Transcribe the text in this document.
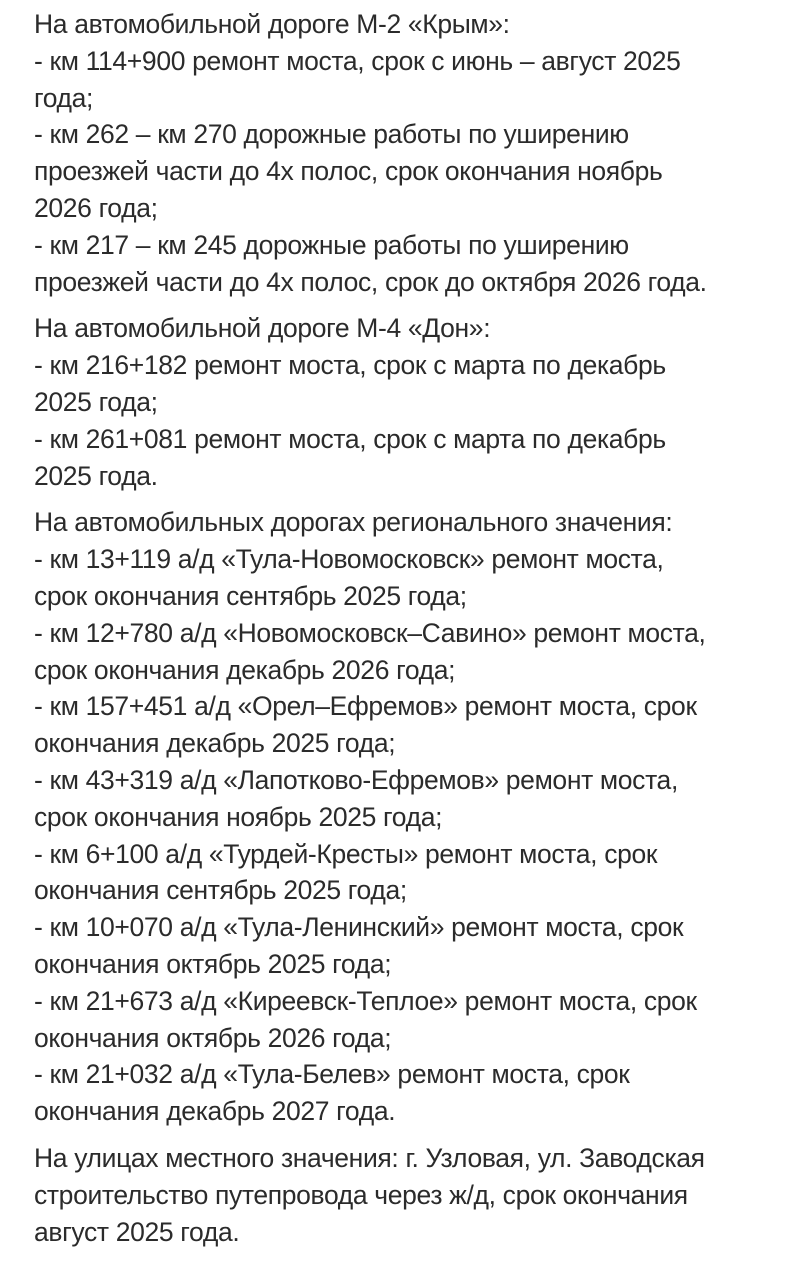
На автомобильной дороге М-2 «Крым»:
- км 114+900 ремонт моста, срок с июнь – август 2025
года;
- км 262 – км 270 дорожные работы по уширению
проезжей части до 4х полос, срок окончания ноябрь
2026 года;
- км 217 – км 245 дорожные работы по уширению
проезжей части до 4х полос, срок до октября 2026 года.
На автомобильной дороге М-4 «Дон»:
- км 216+182 ремонт моста, срок с марта по декабрь
2025 года;
- км 261+081 ремонт моста, срок с марта по декабрь
2025 года.
На автомобильных дорогах регионального значения:
- км 13+119 а/д «Тула-Новомосковск» ремонт моста,
срок окончания сентябрь 2025 года;
- км 12+780 а/д «Новомосковск–Савино» ремонт моста,
срок окончания декабрь 2026 года;
- км 157+451 а/д «Орел–Ефремов» ремонт моста, срок
окончания декабрь 2025 года;
- км 43+319 а/д «Лапотково-Ефремов» ремонт моста,
срок окончания ноябрь 2025 года;
- км 6+100 а/д «Турдей-Кресты» ремонт моста, срок
окончания сентябрь 2025 года;
- км 10+070 а/д «Тула-Ленинский» ремонт моста, срок
окончания октябрь 2025 года;
- км 21+673 а/д «Киреевск-Теплое» ремонт моста, срок
окончания октябрь 2026 года;
- км 21+032 а/д «Тула-Белев» ремонт моста, срок
окончания декабрь 2027 года.
На улицах местного значения: г. Узловая, ул. Заводская
строительство путепровода через ж/д, срок окончания
август 2025 года.
